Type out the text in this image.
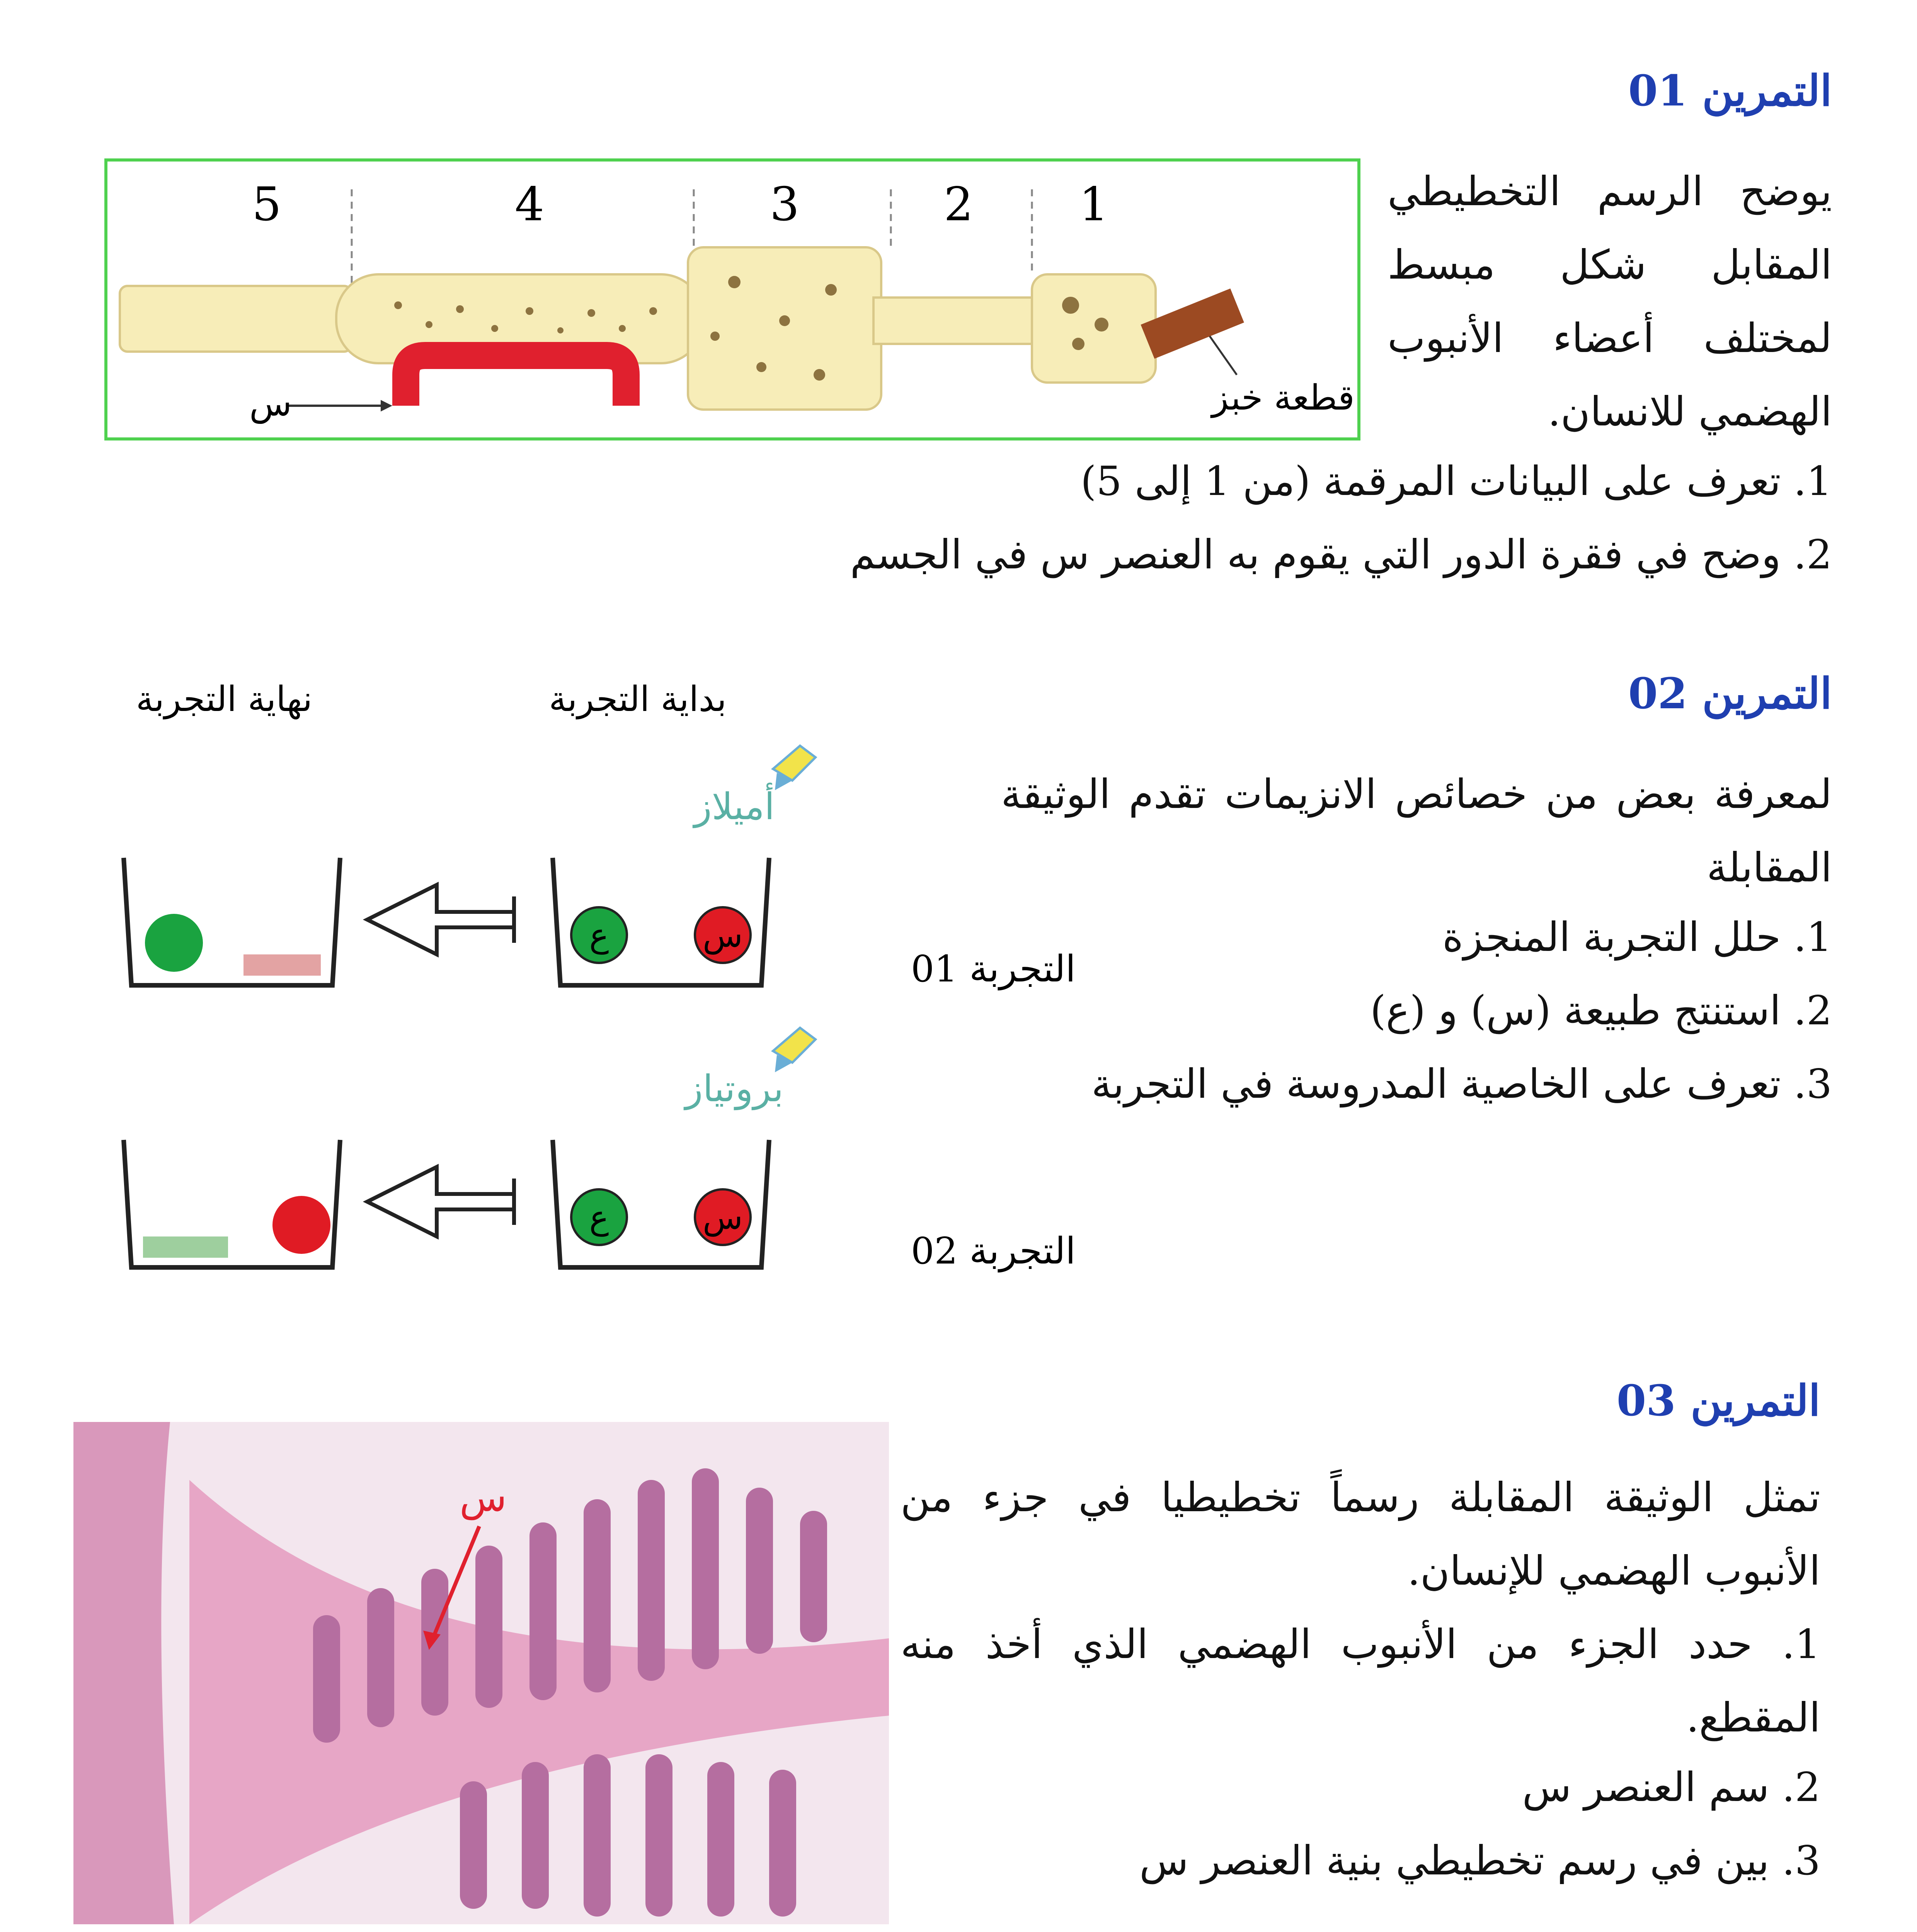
التمرين 01
5	4	3	2 1
قطعة خبز
س
يوضح الرسم التخطيطي المقابل شكل مبسط لمختلف أعضاء الأنبوب الهضمي للانسان.
1. تعرف على البيانات المرقمة (من 1 إلى 5)
2. وضح في فقرة الدور التي يقوم به العنصر س في الجسم
التمرين 02
لمعرفة بعض من خصائص الانزيمات تقدم الوثيقة المقابلة
1. حلل التجربة المنجزة
2. استنتج طبيعة (س) و (ع)
3. تعرف على الخاصية المدروسة في التجربة
بداية التجربة
نهاية التجربة
أميلاز
ع	س
التجربة 01
بروتياز
ع	س
التجربة 02
التمرين 03
س	تمثل الوثيقة المقابلة رسماً تخطيطيا في جزء من الأنبوب الهضمي للإنسان.
1. حدد الجزء من الأنبوب الهضمي الذي أخذ منه المقطع.
2. سم العنصر س
3. بين في رسم تخطيطي بنية العنصر س
